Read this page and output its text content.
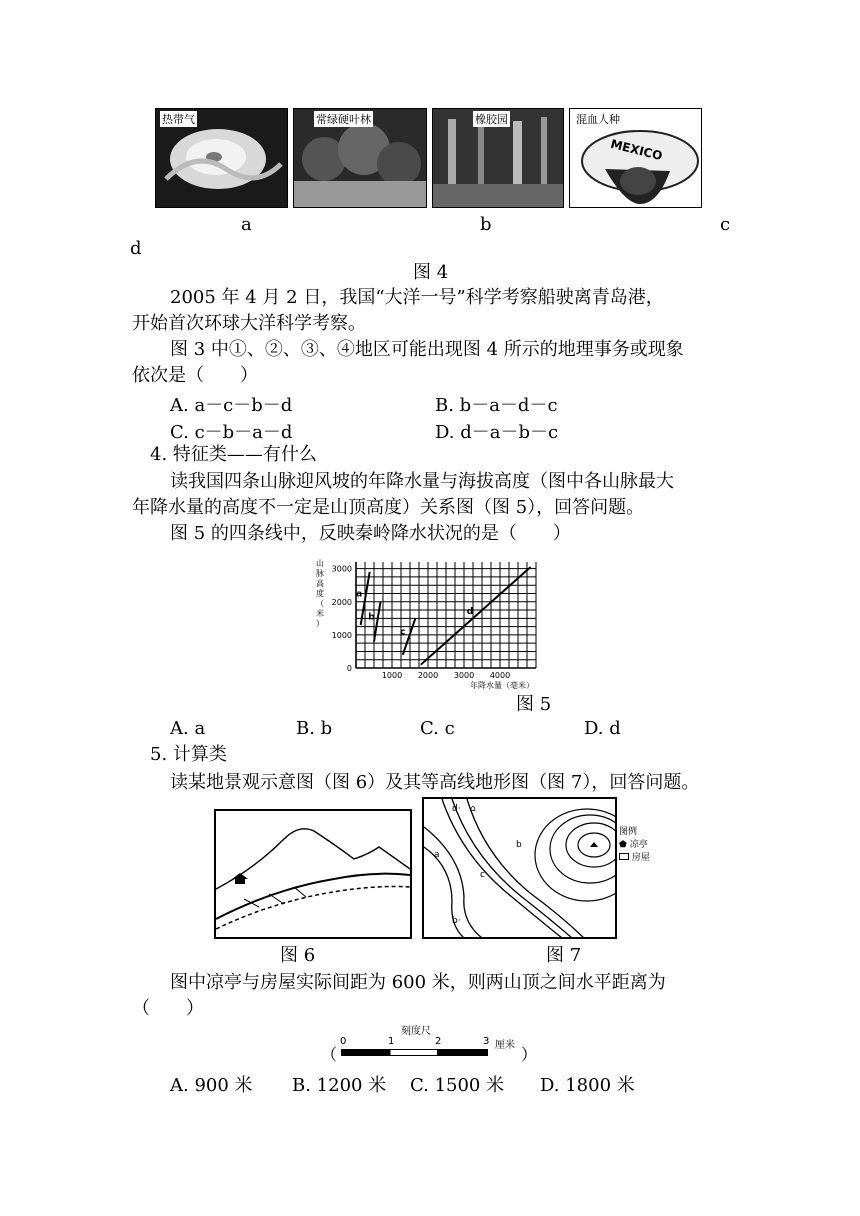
热带气	常绿硬叶林	橡胶园	混血人种
MEXICO
a	b	c
d
图 4
2005 年 4 月 2 日，我国“大洋一号”科学考察船驶离青岛港，
开始首次环球大洋科学考察。
图 3 中①、②、③、④地区可能出现图 4 所示的地理事务或现象
依次是（　　）
A. a－c－b－d	B. b－a－d－c
C. c－b－a－d	D. d－a－b－c
4. 特征类——有什么
读我国四条山脉迎风坡的年降水量与海拔高度（图中各山脉最大
年降水量的高度不一定是山顶高度）关系图（图 5），回答问题。
图 5 的四条线中，反映秦岭降水状况的是（　　）
山
脉
高
度
（
米
）
0
1000
2000
3000
1000 2000 3000 4000
年降水量（毫米）
a
b
c
d
图 5
A. a	B. b	C. c	D. d
5. 计算类
读某地景观示意图（图 6）及其等高线地形图（图 7），回答问题。
图 6
d· ⌂
a
c
b·
b
图例
⬟ 凉亭
房屋
图 7
图中凉亭与房屋实际间距为 600 米，则两山顶之间水平距离为
（　　）
刻度尺
0	1	2	3 厘米
（	）
A. 900 米 B. 1200 米 C. 1500 米 D. 1800 米
